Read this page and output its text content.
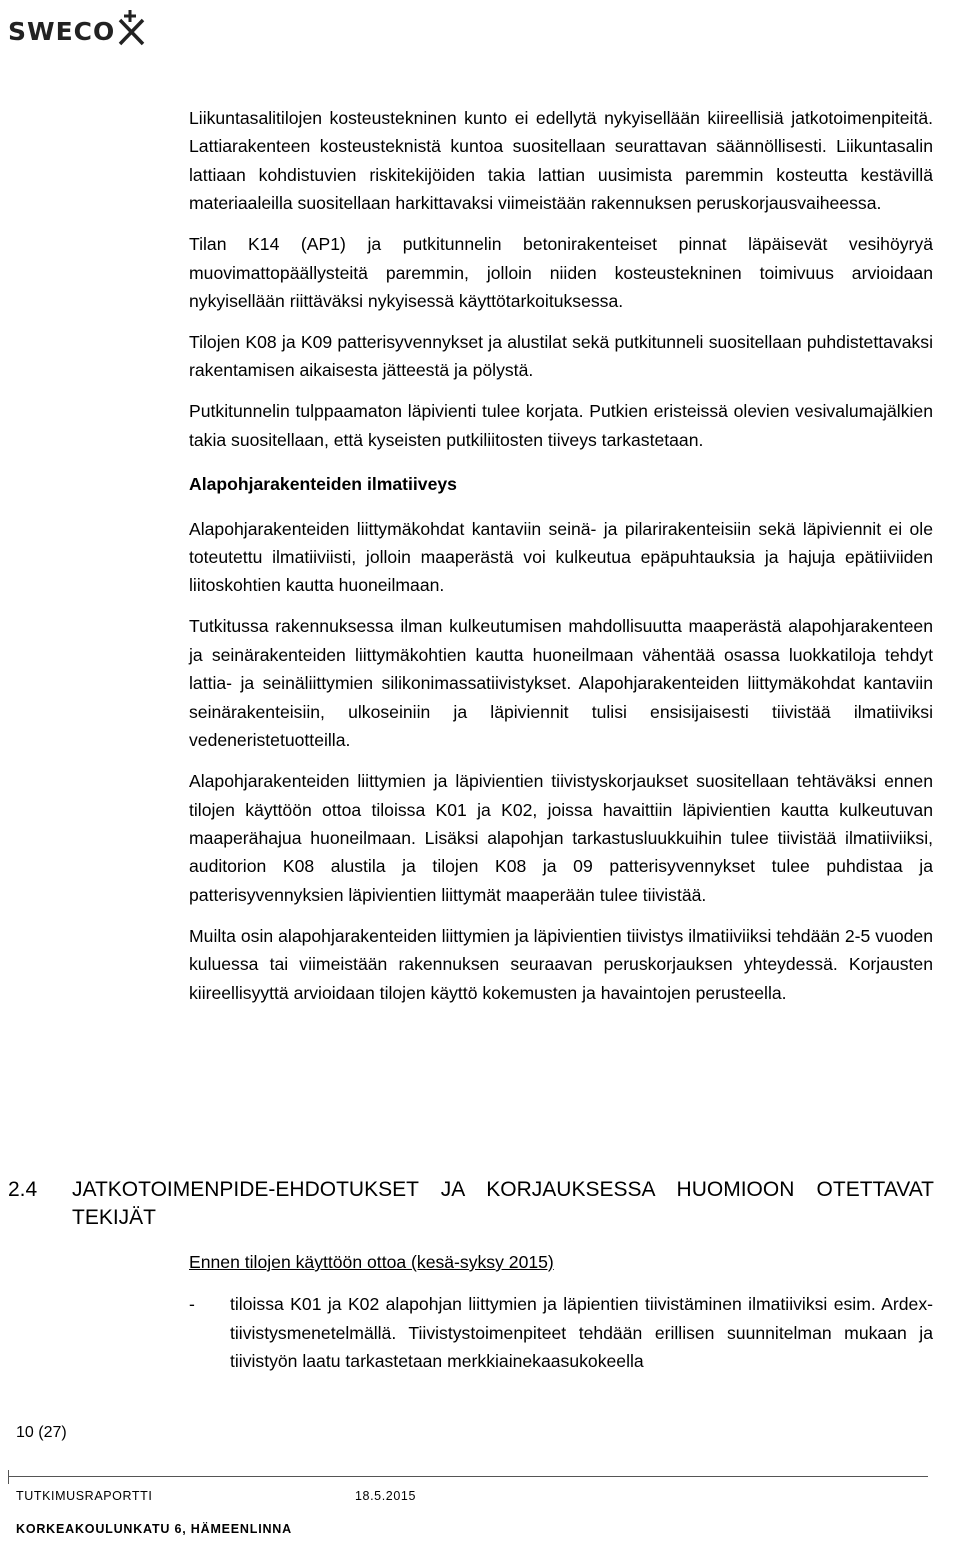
SWECO

Liikuntasalitilojen kosteustekninen kunto ei edellytä nykyisellään kiireellisiä jatkotoimenpiteitä. Lattiarakenteen kosteusteknistä kuntoa suositellaan seurattavan säännöllisesti. Liikuntasalin lattiaan kohdistuvien riskitekijöiden takia lattian uusimista paremmin kosteutta kestävillä materiaaleilla suositellaan harkittavaksi viimeistään rakennuksen peruskorjausvaiheessa.

Tilan K14 (AP1) ja putkitunnelin betonirakenteiset pinnat läpäisevät vesihöyryä muovimattopäällysteitä paremmin, jolloin niiden kosteustekninen toimivuus arvioidaan nykyisellään riittäväksi nykyisessä käyttötarkoituksessa.

Tilojen K08 ja K09 patterisyvennykset ja alustilat sekä putkitunneli suositellaan puhdistettavaksi rakentamisen aikaisesta jätteestä ja pölystä.

Putkitunnelin tulppaamaton läpivienti tulee korjata. Putkien eristeissä olevien vesivalumajälkien takia suositellaan, että kyseisten putkiliitosten tiiveys tarkastetaan.

Alapohjarakenteiden ilmatiiveys

Alapohjarakenteiden liittymäkohdat kantaviin seinä- ja pilarirakenteisiin sekä läpiviennit ei ole toteutettu ilmatiiviisti, jolloin maaperästä voi kulkeutua epäpuhtauksia ja hajuja epätiiviiden liitoskohtien kautta huoneilmaan.

Tutkitussa rakennuksessa ilman kulkeutumisen mahdollisuutta maaperästä alapohjarakenteen ja seinärakenteiden liittymäkohtien kautta huoneilmaan vähentää osassa luokkatiloja tehdyt lattia- ja seinäliittymien silikonimassatiivistykset. Alapohjarakenteiden liittymäkohdat kantaviin seinärakenteisiin, ulkoseiniin ja läpiviennit tulisi ensisijaisesti tiivistää ilmatiiviksi vedeneristetuotteilla.

Alapohjarakenteiden liittymien ja läpivientien tiivistyskorjaukset suositellaan tehtäväksi ennen tilojen käyttöön ottoa tiloissa K01 ja K02, joissa havaittiin läpivientien kautta kulkeutuvan maaperähajua huoneilmaan. Lisäksi alapohjan tarkastusluukkuihin tulee tiivistää ilmatiiviiksi, auditorion K08 alustila ja tilojen K08 ja 09 patterisyvennykset tulee puhdistaa ja patterisyvennyksien läpivientien liittymät maaperään tulee tiivistää.

Muilta osin alapohjarakenteiden liittymien ja läpivientien tiivistys ilmatiiviiksi tehdään 2-5 vuoden kuluessa tai viimeistään rakennuksen seuraavan peruskorjauksen yhteydessä. Korjausten kiireellisyyttä arvioidaan tilojen käyttö kokemusten ja havaintojen perusteella.

2.4 JATKOTOIMENPIDE-EHDOTUKSET JA KORJAUKSESSA HUOMIOON OTETTAVAT TEKIJÄT
Ennen tilojen käyttöön ottoa (kesä-syksy 2015)
-	tiloissa K01 ja K02 alapohjan liittymien ja läpientien tiivistäminen ilmatiiviksi esim. Ardex- tiivistysmenetelmällä. Tiivistystoimenpiteet tehdään erillisen suunnitelman mukaan ja tiivistyön laatu tarkastetaan merkkiainekaasukokeella
10 (27)
TUTKIMUSRAPORTTI	18.5.2015
KORKEAKOULUNKATU 6, HÄMEENLINNA
